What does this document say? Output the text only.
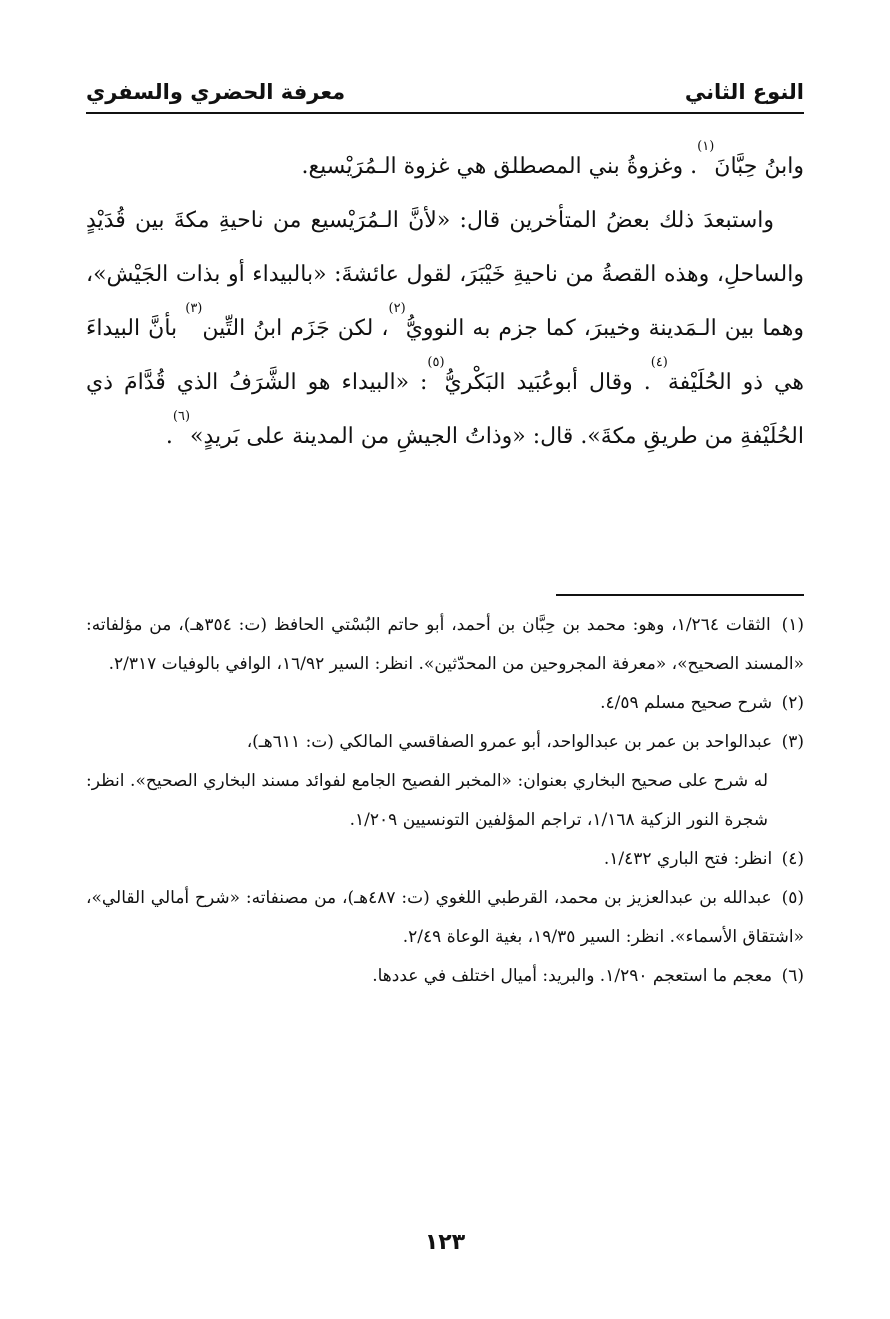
النوع الثاني
معرفة الحضري والسفري

وابنُ حِبَّانَ$^{(١)}$. وغزوةُ بني المصطلق هي غزوة الـمُرَيْسيع.

واستبعدَ ذلك بعضُ المتأخرين قال: «لأنَّ الـمُرَيْسيع من ناحيةِ مكةَ بين قُدَيْدٍ والساحلِ، وهذه القصةُ من ناحيةِ خَيْبَرَ، لقول عائشةَ: «بالبيداء أو بذات الجَيْش»، وهما بين الـمَدينة وخيبرَ، كما جزم به النوويُّ$^{(٢)}$، لكن جَزَم ابنُ التِّين$^{(٣)}$ بأنَّ البيداءَ هي ذو الحُلَيْفة$^{(٤)}$. وقال أبوعُبَيد البَكْريُّ$^{(٥)}$: «البيداء هو الشَّرَفُ الذي قُدَّامَ ذي الحُلَيْفةِ من طريقِ مكةَ». قال: «وذاتُ الجيشِ من المدينة على بَريدٍ»$^{(٦)}$.

(١) الثقات ١/٢٦٤، وهو: محمد بن حِبَّان بن أحمد، أبو حاتم البُسْتي الحافظ (ت: ٣٥٤هـ)، من مؤلفاته: «المسند الصحيح»، «معرفة المجروحين من المحدّثين». انظر: السير ١٦/٩٢، الوافي بالوفيات ٢/٣١٧.

(٢) شرح صحيح مسلم ٤/٥٩.

(٣) عبدالواحد بن عمر بن عبدالواحد، أبو عمرو الصفاقسي المالكي (ت: ٦١١هـ)،
له شرح على صحيح البخاري بعنوان: «المخبر الفصيح الجامع لفوائد مسند البخاري الصحيح». انظر: شجرة النور الزكية ١/١٦٨، تراجم المؤلفين التونسيين ١/٢٠٩.

(٤) انظر: فتح الباري ١/٤٣٢.

(٥) عبدالله بن عبدالعزيز بن محمد، القرطبي اللغوي (ت: ٤٨٧هـ)، من مصنفاته: «شرح أمالي القالي»، «اشتقاق الأسماء». انظر: السير ١٩/٣٥، بغية الوعاة ٢/٤٩.

(٦) معجم ما استعجم ١/٢٩٠. والبريد: أميال اختلف في عددها.

١٢٣
